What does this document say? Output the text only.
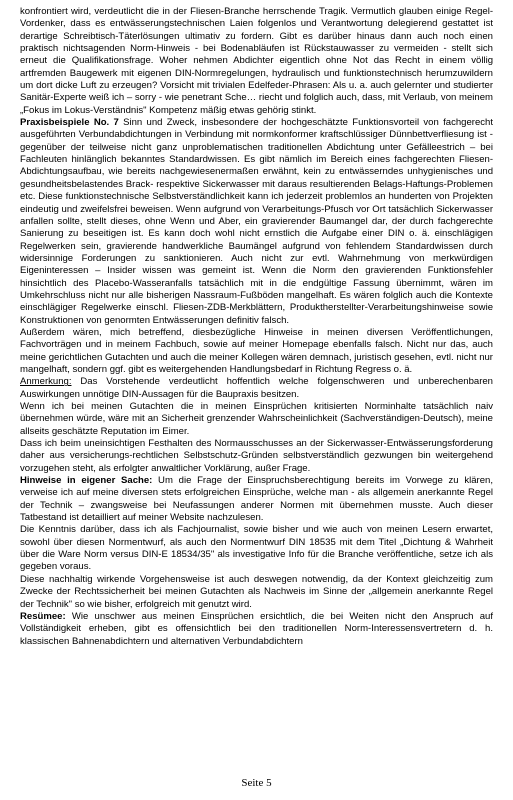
konfrontiert wird, verdeutlicht die in der Fliesen-Branche herrschende Tragik. Vermutlich glauben einige Regel-Vordenker, dass es entwässerungstechnischen Laien folgenlos und Verantwortung delegierend gestattet ist derartige Schreibtisch-Täterlösungen ultimativ zu fordern. Gibt es darüber hinaus dann auch noch einen praktisch nichtsagenden Norm-Hinweis - bei Bodenabläufen ist Rückstauwasser zu vermeiden - stellt sich erneut die Qualifikationsfrage. Woher nehmen Abdichter eigentlich ohne Not das Recht in einem völlig artfremden Baugewerk mit eigenen DIN-Normregelungen, hydraulisch und funktionstechnisch herumzuwildern um dort dicke Luft zu erzeugen? Vorsicht mit trivialen Edelfeder-Phrasen: Als u. a. auch gelernter und studierter Sanitär-Experte weiß ich – sorry - wie penetrant Sche… riecht und folglich auch, dass, mit Verlaub, von meinem „Fokus im Lokus-Verständnis" Kompetenz mäßig etwas gehörig stinkt.

Praxisbeispiele No. 7 Sinn und Zweck, insbesondere der hochgeschätzte Funktionsvorteil von fachgerecht ausgeführten Verbundabdichtungen in Verbindung mit normkonformer kraftschlüssiger Dünnbettverfliesung ist - gegenüber der teilweise nicht ganz unproblematischen traditionellen Abdichtung unter Gefälleestrich – bei Fachleuten hinlänglich bekanntes Standardwissen. Es gibt nämlich im Bereich eines fachgerechten Fliesen-Abdichtungsaufbau, wie bereits nachgewiesenermaßen erwähnt, kein zu entwässerndes unhygienisches und gesundheitsbelastendes Brack- respektive Sickerwasser mit daraus resultierenden Belags-Haftungs-Problemen etc. Diese funktionstechnische Selbstverständlichkeit kann ich jederzeit problemlos an hunderten von Projekten eindeutig und zweifelsfrei beweisen. Wenn aufgrund von Verarbeitungs-Pfusch vor Ort tatsächlich Sickerwasser anfallen sollte, stellt dieses, ohne Wenn und Aber, ein gravierender Baumangel dar, der durch fachgerechte Sanierung zu beseitigen ist. Es kann doch wohl nicht ernstlich die Aufgabe einer DIN o. ä. einschlägigen Regelwerken sein, gravierende handwerkliche Baumängel aufgrund von fehlendem Standardwissen durch widersinnige Forderungen zu sanktionieren. Auch nicht zur evtl. Wahrnehmung von merkwürdigen Eigeninteressen – Insider wissen was gemeint ist. Wenn die Norm den gravierenden Funktionsfehler hinsichtlich des Placebo-Wasseranfalls tatsächlich mit in die endgültige Fassung übernimmt, wären im Umkehrschluss nicht nur alle bisherigen Nassraum-Fußböden mangelhaft. Es wären folglich auch die Kontexte einschlägiger Regelwerke einschl. Fliesen-ZDB-Merkblättern, Produktherstellter-Verarbeitungshinweise sowie Konstruktionen von genormten Entwässerungen definitiv falsch.

Außerdem wären, mich betreffend, diesbezügliche Hinweise in meinen diversen Veröffentlichungen, Fachvorträgen und in meinem Fachbuch, sowie auf meiner Homepage ebenfalls falsch. Nicht nur das, auch meine gerichtlichen Gutachten und auch die meiner Kollegen wären demnach, juristisch gesehen, evtl. nicht nur mangelhaft, sondern ggf. gibt es weitergehenden Handlungsbedarf in Richtung Regress o. ä.

Anmerkung: Das Vorstehende verdeutlicht hoffentlich welche folgenschweren und unberechenbaren Auswirkungen unnötige DIN-Aussagen für die Baupraxis besitzen.

Wenn ich bei meinen Gutachten die in meinen Einsprüchen kritisierten Norminhalte tatsächlich naiv übernehmen würde, wäre mit an Sicherheit grenzender Wahrscheinlichkeit (Sachverständigen-Deutsch), meine allseits geschätzte Reputation im Eimer.

Dass ich beim uneinsichtigen Festhalten des Normausschusses an der Sickerwasser-Entwässerungsforderung daher aus versicherungs-rechtlichen Selbstschutz-Gründen selbstverständlich gezwungen bin weitergehend vorzugehen steht, als erfolgter anwaltlicher Vorklärung, außer Frage.

Hinweise in eigener Sache: Um die Frage der Einspruchsberechtigung bereits im Vorwege zu klären, verweise ich auf meine diversen stets erfolgreichen Einsprüche, welche man - als allgemein anerkannte Regel der Technik – zwangsweise bei Neufassungen anderer Normen mit übernehmen musste. Auch dieser Tatbestand ist detailliert auf meiner Website nachzulesen.

Die Kenntnis darüber, dass ich als Fachjournalist, sowie bisher und wie auch von meinen Lesern erwartet, sowohl über diesen Normentwurf, als auch den Normentwurf DIN 18535 mit dem Titel „Dichtung & Wahrheit über die Ware Norm versus DIN-E 18534/35" als investigative Info für die Branche veröffentliche, setze ich als gegeben voraus.

Diese nachhaltig wirkende Vorgehensweise ist auch deswegen notwendig, da der Kontext gleichzeitig zum Zwecke der Rechtssicherheit bei meinen Gutachten als Nachweis im Sinne der „allgemein anerkannte Regel der Technik" so wie bisher, erfolgreich mit genutzt wird.

Resümee: Wie unschwer aus meinen Einsprüchen ersichtlich, die bei Weiten nicht den Anspruch auf Vollständigkeit erheben, gibt es offensichtlich bei den traditionellen Norm-Interessensvertretern d. h. klassischen Bahnenabdichtern und alternativen Verbundabdichtern

Seite 5
